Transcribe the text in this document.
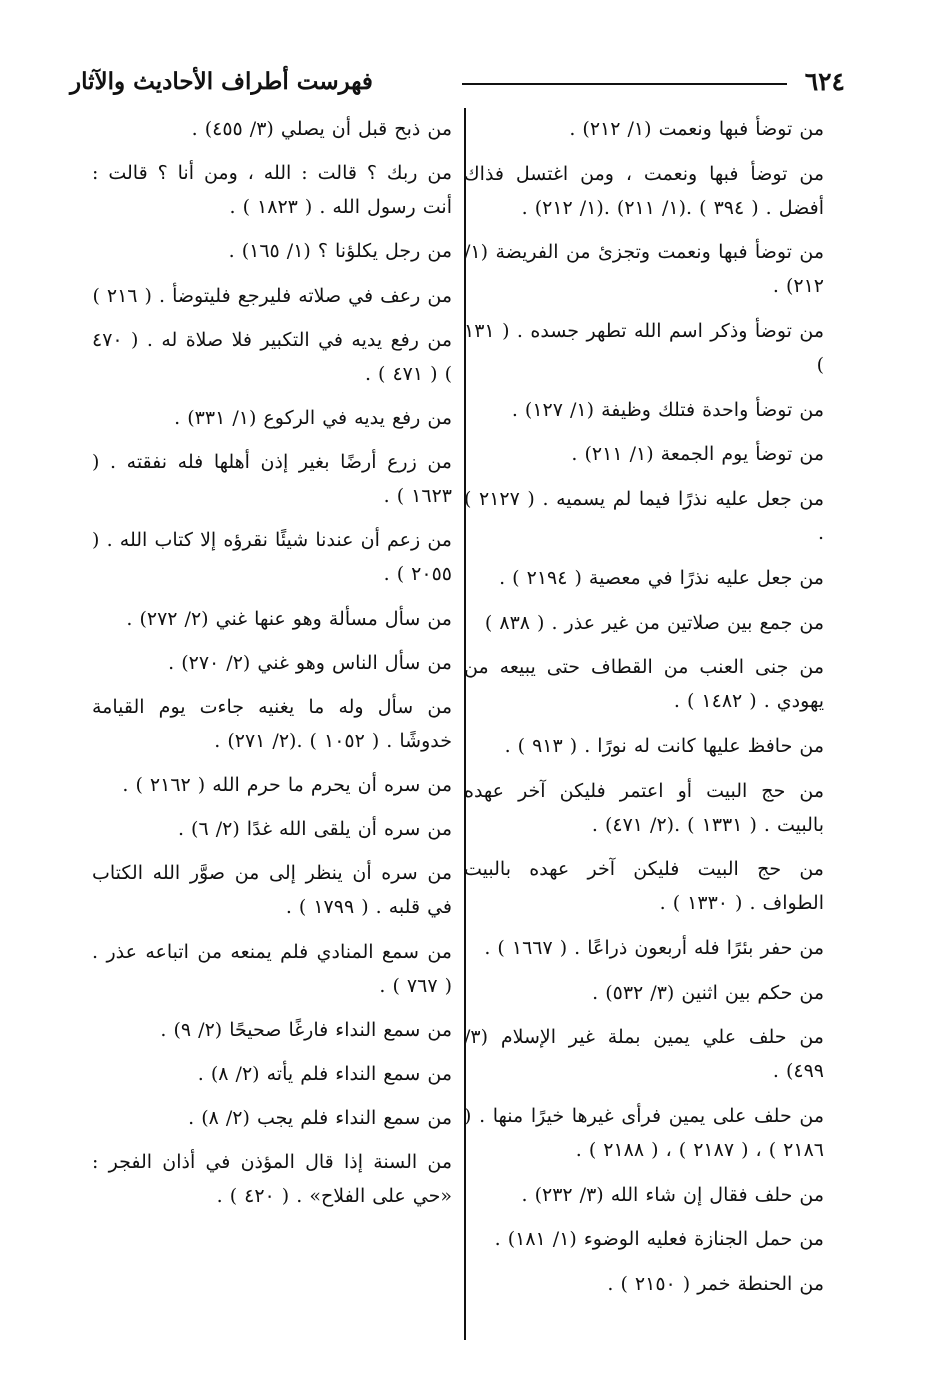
٦٢٤
فهرست أطراف الأحاديث والآثار
من توضأ فبها ونعمت (١/ ٢١٢) .
من توضأ فبها ونعمت ، ومن اغتسل فذاك أفضل . ( ٣٩٤ ) .(١/ ٢١١) .(١/ ٢١٢) .
من توضأ فبها ونعمت وتجزئ من الفريضة (١/ ٢١٢) .
من توضأ وذكر اسم الله تطهر جسده . ( ١٣١ )
من توضأ واحدة فتلك وظيفة (١/ ١٢٧) .
من توضأ يوم الجمعة (١/ ٢١١) .
من جعل عليه نذرًا فيما لم يسميه . ( ٢١٢٧ ) .
من جعل عليه نذرًا في معصية ( ٢١٩٤ ) .
من جمع بين صلاتين من غير عذر . ( ٨٣٨ )
من جنى العنب من القطاف حتى يبيعه من يهودي . ( ١٤٨٢ ) .
من حافظ عليها كانت له نورًا . ( ٩١٣ ) .
من حج البيت أو اعتمر فليكن آخر عهده بالبيت . ( ١٣٣١ ) .(٢/ ٤٧١) .
من حج البيت فليكن آخر عهده بالبيت الطواف . ( ١٣٣٠ ) .
من حفر بئرًا فله أربعون ذراعًا . ( ١٦٦٧ ) .
من حكم بين اثنين (٣/ ٥٣٢) .
من حلف علي يمين بملة غير الإسلام (٣/ ٤٩٩) .
من حلف على يمين فرأى غيرها خيرًا منها . ( ٢١٨٦ ) ، ( ٢١٨٧ ) ، ( ٢١٨٨ ) .
من حلف فقال إن شاء الله (٣/ ٢٣٢) .
من حمل الجنازة فعليه الوضوء (١/ ١٨١) .
من الحنطة خمر ( ٢١٥٠ ) .
من ذبح قبل أن يصلي (٣/ ٤٥٥) .
من ربك ؟ قالت : الله ، ومن أنا ؟ قالت : أنت رسول الله . ( ١٨٢٣ ) .
من رجل يكلؤنا ؟ (١/ ١٦٥) .
من رعف في صلاته فليرجع فليتوضأ . ( ٢١٦ )
من رفع يديه في التكبير فلا صلاة له . ( ٤٧٠ ) ( ٤٧١ ) .
من رفع يديه في الركوع (١/ ٣٣١) .
من زرع أرضًا بغير إذن أهلها فله نفقته . ( ١٦٢٣ ) .
من زعم أن عندنا شيئًا نقرؤه إلا كتاب الله . ( ٢٠٥٥ ) .
من سأل مسألة وهو عنها غني (٢/ ٢٧٢) .
من سأل الناس وهو غني (٢/ ٢٧٠) .
من سأل وله ما يغنيه جاءت يوم القيامة خدوشًا . ( ١٠٥٢ ) .(٢/ ٢٧١) .
من سره أن يحرم ما حرم الله ( ٢١٦٢ ) .
من سره أن يلقى الله غدًا (٢/ ٦) .
من سره أن ينظر إلى من صوَّر الله الكتاب في قلبه . ( ١٧٩٩ ) .
من سمع المنادي فلم يمنعه من اتباعه عذر . ( ٧٦٧ ) .
من سمع النداء فارغًا صحيحًا (٢/ ٩) .
من سمع النداء فلم يأته (٢/ ٨) .
من سمع النداء فلم يجب (٢/ ٨) .
من السنة إذا قال المؤذن في أذان الفجر : «حي على الفلاح» . ( ٤٢٠ ) .
